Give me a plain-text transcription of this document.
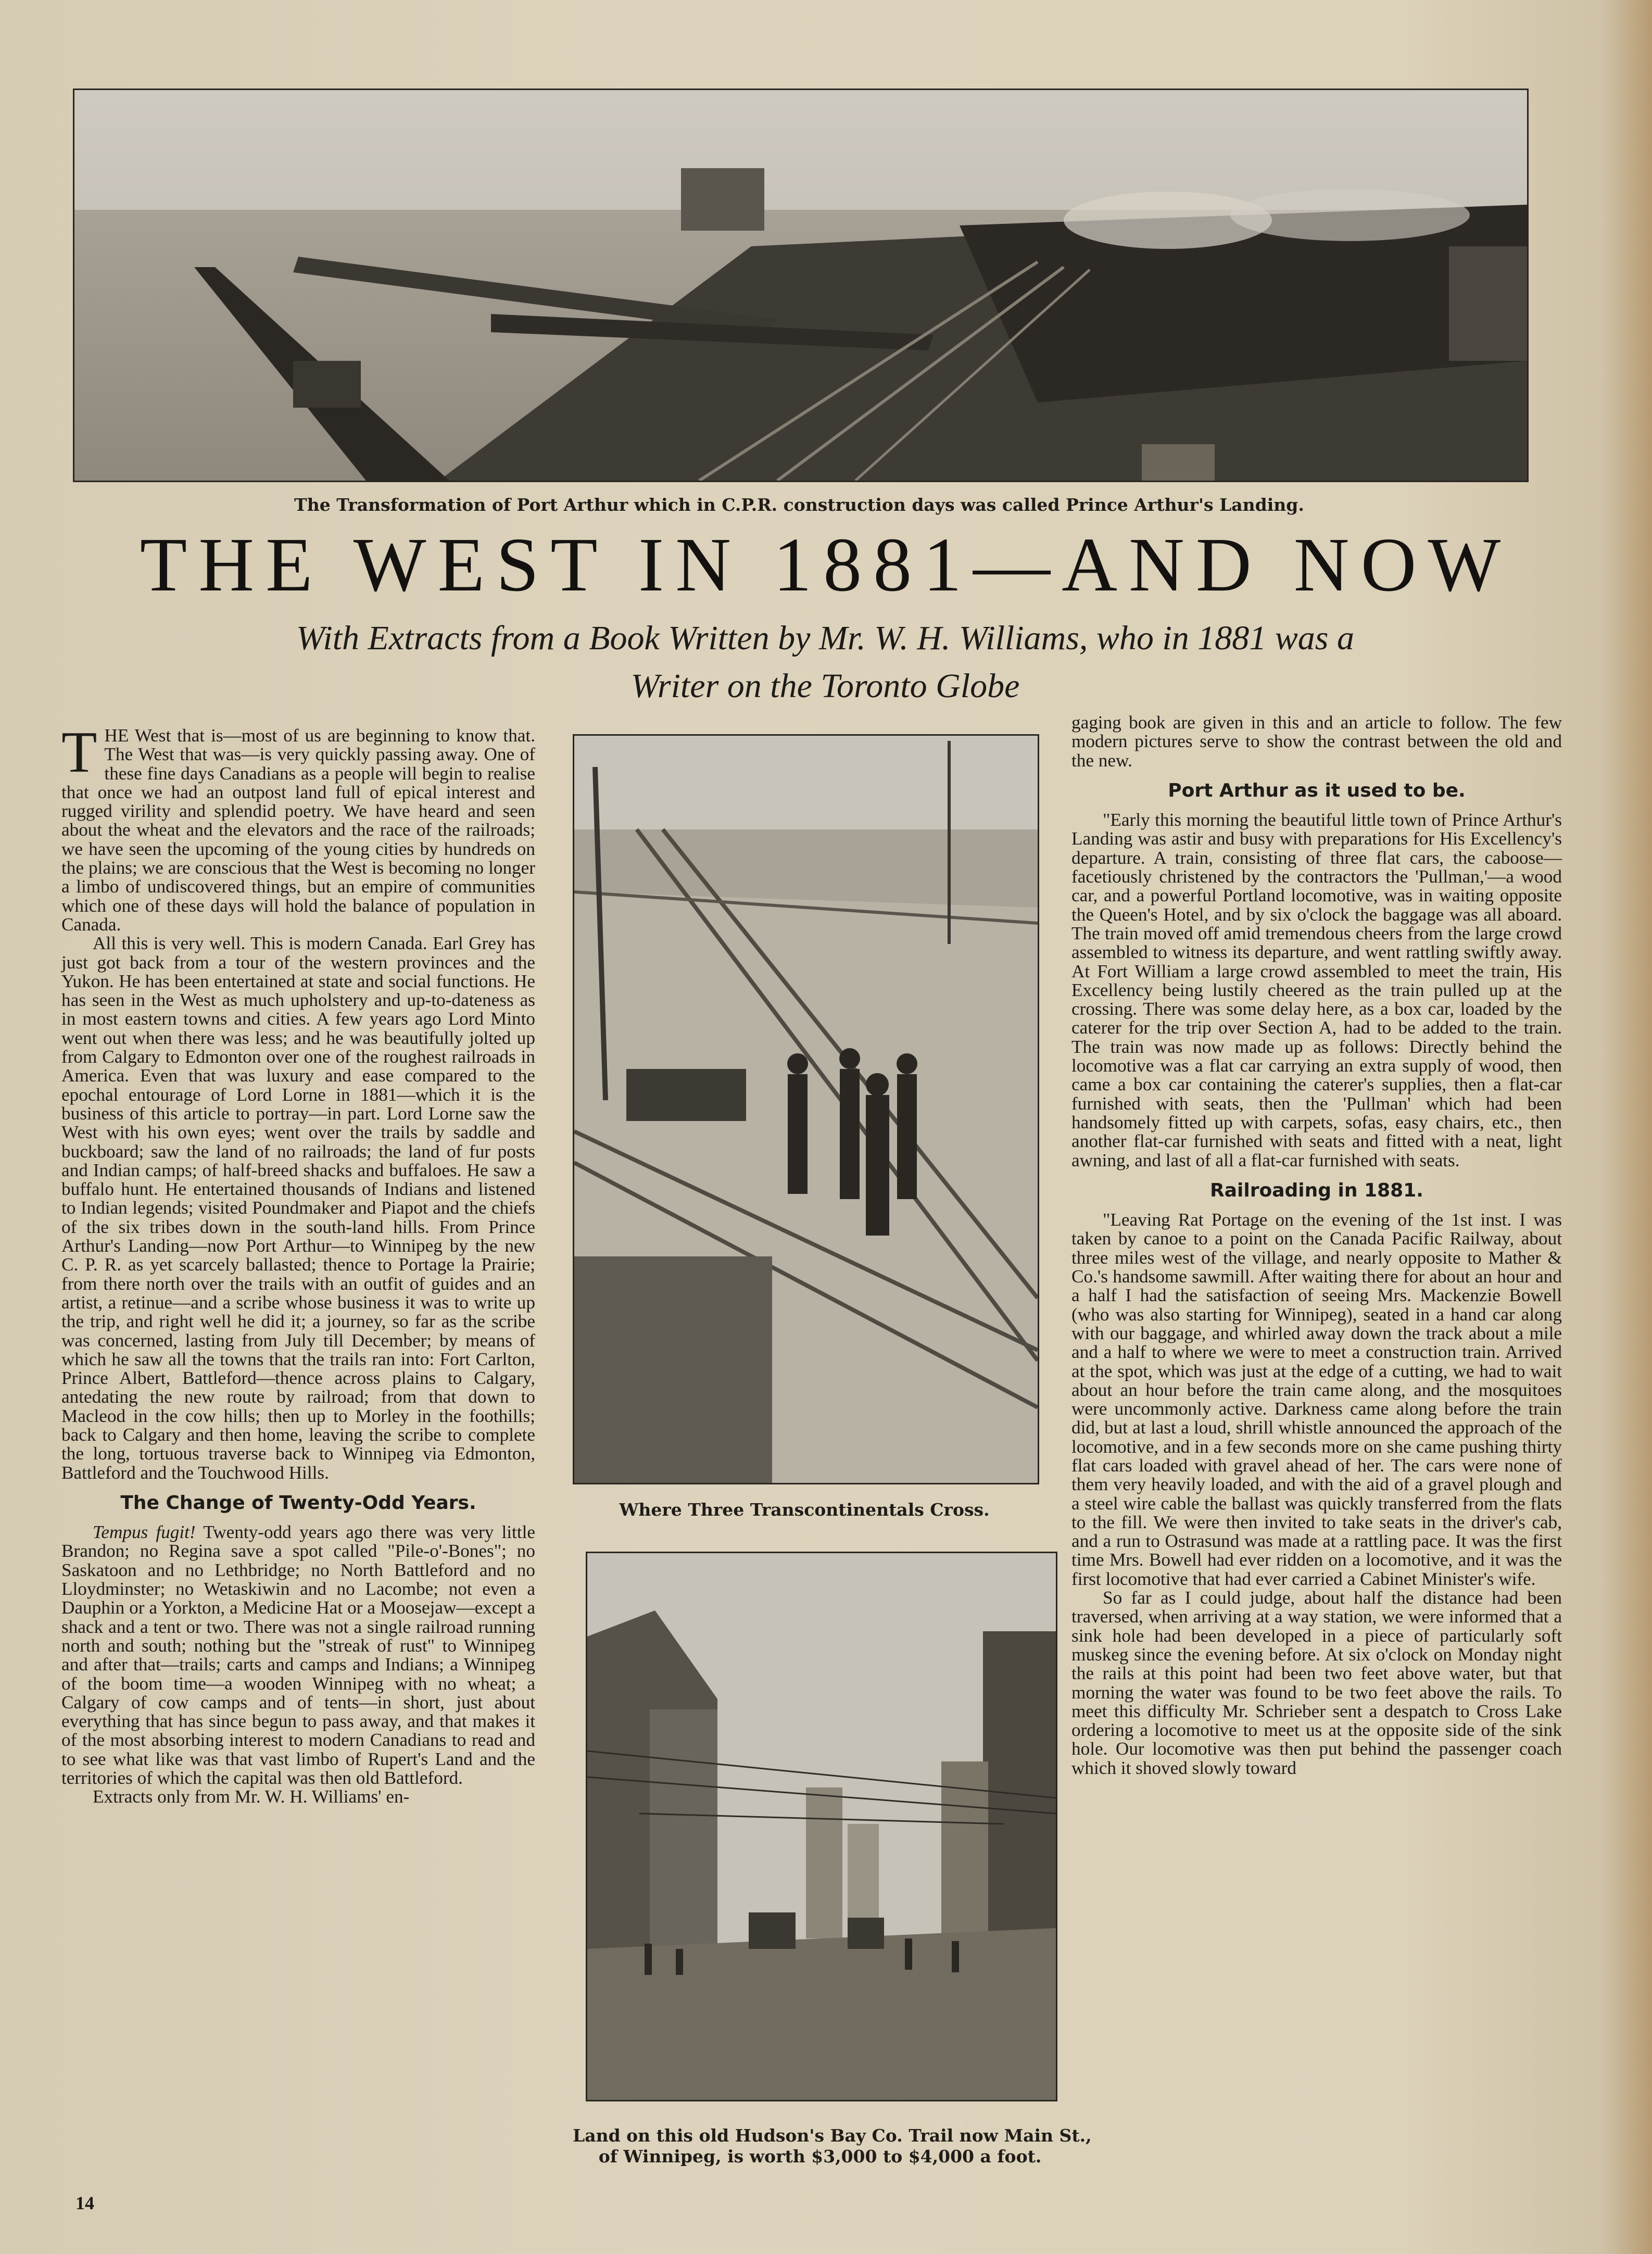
The Transformation of Port Arthur which in C.P.R. construction days was called Prince Arthur's Landing.
THE WEST IN 1881—AND NOW
With Extracts from a Book Written by Mr. W. H. Williams, who in 1881 was a
Writer on the Toronto Globe

THE West that is—most of us are beginning to know that. The West that was—is very quickly passing away. One of these fine days Canadians as a people will begin to realise that once we had an outpost land full of epical interest and rugged virility and splendid poetry. We have heard and seen about the wheat and the elevators and the race of the railroads; we have seen the upcoming of the young cities by hundreds on the plains; we are conscious that the West is becoming no longer a limbo of undiscovered things, but an empire of communities which one of these days will hold the balance of population in Canada.

All this is very well. This is modern Canada. Earl Grey has just got back from a tour of the western provinces and the Yukon. He has been entertained at state and social functions. He has seen in the West as much upholstery and up-to-dateness as in most eastern towns and cities. A few years ago Lord Minto went out when there was less; and he was beautifully jolted up from Calgary to Edmonton over one of the roughest railroads in America. Even that was luxury and ease compared to the epochal entourage of Lord Lorne in 1881—which it is the business of this article to portray—in part. Lord Lorne saw the West with his own eyes; went over the trails by saddle and buckboard; saw the land of no railroads; the land of fur posts and Indian camps; of half-breed shacks and buffaloes. He saw a buffalo hunt. He entertained thousands of Indians and listened to Indian legends; visited Poundmaker and Piapot and the chiefs of the six tribes down in the south-land hills. From Prince Arthur's Landing—now Port Arthur—to Winnipeg by the new C. P. R. as yet scarcely ballasted; thence to Portage la Prairie; from there north over the trails with an outfit of guides and an artist, a retinue—and a scribe whose business it was to write up the trip, and right well he did it; a journey, so far as the scribe was concerned, lasting from July till December; by means of which he saw all the towns that the trails ran into: Fort Carlton, Prince Albert, Battleford—thence across plains to Calgary, antedating the new route by railroad; from that down to Macleod in the cow hills; then up to Morley in the foothills; back to Calgary and then home, leaving the scribe to complete the long, tortuous traverse back to Winnipeg via Edmonton, Battleford and the Touchwood Hills.

The Change of Twenty-Odd Years.

Tempus fugit! Twenty-odd years ago there was very little Brandon; no Regina save a spot called "Pile-o'-Bones"; no Saskatoon and no Lethbridge; no North Battleford and no Lloydminster; no Wetaskiwin and no Lacombe; not even a Dauphin or a Yorkton, a Medicine Hat or a Moosejaw—except a shack and a tent or two. There was not a single railroad running north and south; nothing but the "streak of rust" to Winnipeg and after that—trails; carts and camps and Indians; a Winnipeg of the boom time—a wooden Winnipeg with no wheat; a Calgary of cow camps and of tents—in short, just about everything that has since begun to pass away, and that makes it of the most absorbing interest to modern Canadians to read and to see what like was that vast limbo of Rupert's Land and the territories of which the capital was then old Battleford.

Extracts only from Mr. W. H. Williams' en-

Where Three Transcontinentals Cross.
Land on this old Hudson's Bay Co. Trail now Main St.,
of Winnipeg, is worth $3,000 to $4,000 a foot.

gaging book are given in this and an article to follow. The few modern pictures serve to show the contrast between the old and the new.

Port Arthur as it used to be.

"Early this morning the beautiful little town of Prince Arthur's Landing was astir and busy with preparations for His Excellency's departure. A train, consisting of three flat cars, the caboose—facetiously christened by the contractors the 'Pullman,'—a wood car, and a powerful Portland locomotive, was in waiting opposite the Queen's Hotel, and by six o'clock the baggage was all aboard. The train moved off amid tremendous cheers from the large crowd assembled to witness its departure, and went rattling swiftly away. At Fort William a large crowd assembled to meet the train, His Excellency being lustily cheered as the train pulled up at the crossing. There was some delay here, as a box car, loaded by the caterer for the trip over Section A, had to be added to the train. The train was now made up as follows: Directly behind the locomotive was a flat car carrying an extra supply of wood, then came a box car containing the caterer's supplies, then a flat-car furnished with seats, then the 'Pullman' which had been handsomely fitted up with carpets, sofas, easy chairs, etc., then another flat-car furnished with seats and fitted with a neat, light awning, and last of all a flat-car furnished with seats.

Railroading in 1881.

"Leaving Rat Portage on the evening of the 1st inst. I was taken by canoe to a point on the Canada Pacific Railway, about three miles west of the village, and nearly opposite to Mather & Co.'s handsome sawmill. After waiting there for about an hour and a half I had the satisfaction of seeing Mrs. Mackenzie Bowell (who was also starting for Winnipeg), seated in a hand car along with our baggage, and whirled away down the track about a mile and a half to where we were to meet a construction train. Arrived at the spot, which was just at the edge of a cutting, we had to wait about an hour before the train came along, and the mosquitoes were uncommonly active. Darkness came along before the train did, but at last a loud, shrill whistle announced the approach of the locomotive, and in a few seconds more on she came pushing thirty flat cars loaded with gravel ahead of her. The cars were none of them very heavily loaded, and with the aid of a gravel plough and a steel wire cable the ballast was quickly transferred from the flats to the fill. We were then invited to take seats in the driver's cab, and a run to Ostrasund was made at a rattling pace. It was the first time Mrs. Bowell had ever ridden on a locomotive, and it was the first locomotive that had ever carried a Cabinet Minister's wife.

So far as I could judge, about half the distance had been traversed, when arriving at a way station, we were informed that a sink hole had been developed in a piece of particularly soft muskeg since the evening before. At six o'clock on Monday night the rails at this point had been two feet above water, but that morning the water was found to be two feet above the rails. To meet this difficulty Mr. Schrieber sent a despatch to Cross Lake ordering a locomotive to meet us at the opposite side of the sink hole. Our locomotive was then put behind the passenger coach which it shoved slowly toward

14
